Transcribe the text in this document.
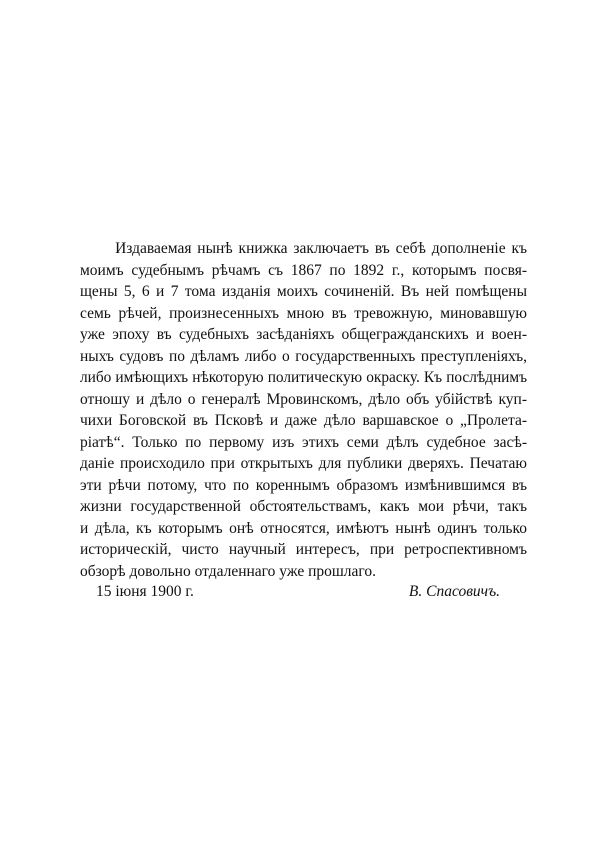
Издаваемая нынѣ книжка заключаетъ въ себѣ дополненіе къ
моимъ судебнымъ рѣчамъ съ 1867 по 1892 г., которымъ посвя-
щены 5, 6 и 7 тома изданія моихъ сочиненій. Въ ней помѣщены
семь рѣчей, произнесенныхъ мною въ тревожную, миновавшую
уже эпоху въ судебныхъ засѣданіяхъ общегражданскихъ и воен-
ныхъ судовъ по дѣламъ либо о государственныхъ преступленіяхъ,
либо имѣющихъ нѣкоторую политическую окраску. Къ послѣднимъ
отношу и дѣло о генералѣ Мровинскомъ, дѣло объ убійствѣ куп-
чихи Боговской въ Псковѣ и даже дѣло варшавское о „Пролета-
ріатѣ“. Только по первому изъ этихъ семи дѣлъ судебное засѣ-
даніе происходило при открытыхъ для публики дверяхъ. Печатаю
эти рѣчи потому, что по кореннымъ образомъ измѣнившимся въ
жизни государственной обстоятельствамъ, какъ мои рѣчи, такъ
и дѣла, къ которымъ онѣ относятся, имѣютъ нынѣ одинъ только
историческій, чисто научный интересъ, при ретроспективномъ
обзорѣ довольно отдаленнаго уже прошлаго.
15 іюня 1900 г.	В. Спасовичъ.
